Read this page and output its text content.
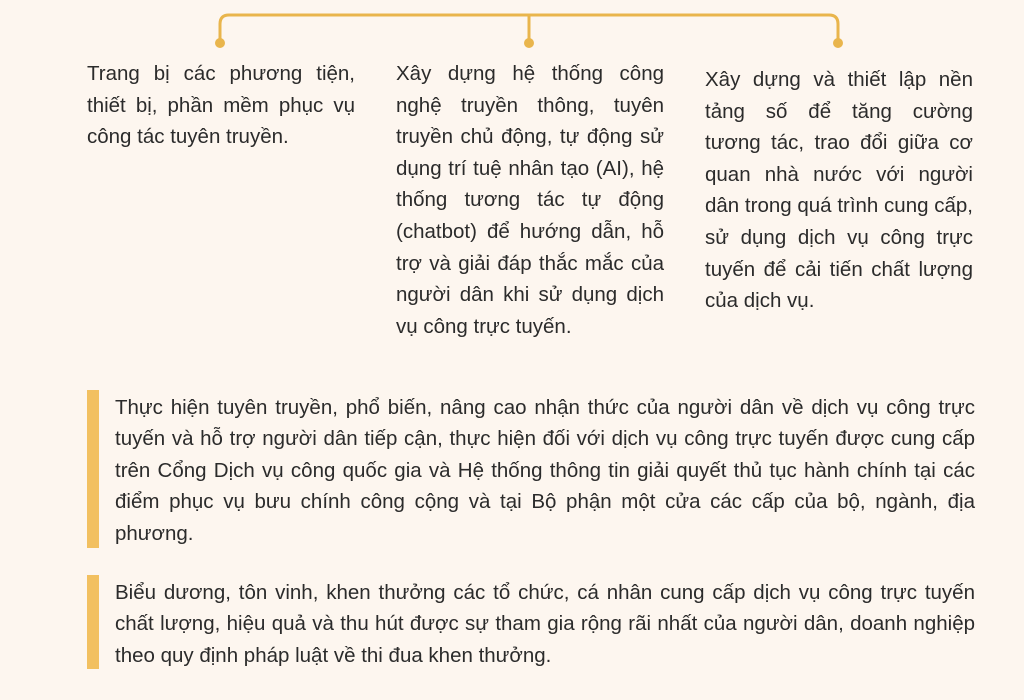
Trang bị các phương tiện, thiết bị, phần mềm phục vụ công tác tuyên truyền.

Xây dựng hệ thống công nghệ truyền thông, tuyên truyền chủ động, tự động sử dụng trí tuệ nhân tạo (AI), hệ thống tương tác tự động (chatbot) để hướng dẫn, hỗ trợ và giải đáp thắc mắc của người dân khi sử dụng dịch vụ công trực tuyến.

Xây dựng và thiết lập nền tảng số để tăng cường tương tác, trao đổi giữa cơ quan nhà nước với người dân trong quá trình cung cấp, sử dụng dịch vụ công trực tuyến để cải tiến chất lượng của dịch vụ.

Thực hiện tuyên truyền, phổ biến, nâng cao nhận thức của người dân về dịch vụ công trực tuyến và hỗ trợ người dân tiếp cận, thực hiện đối với dịch vụ công trực tuyến được cung cấp trên Cổng Dịch vụ công quốc gia và Hệ thống thông tin giải quyết thủ tục hành chính tại các điểm phục vụ bưu chính công cộng và tại Bộ phận một cửa các cấp của bộ, ngành, địa phương.

Biểu dương, tôn vinh, khen thưởng các tổ chức, cá nhân cung cấp dịch vụ công trực tuyến chất lượng, hiệu quả và thu hút được sự tham gia rộng rãi nhất của người dân, doanh nghiệp theo quy định pháp luật về thi đua khen thưởng.
